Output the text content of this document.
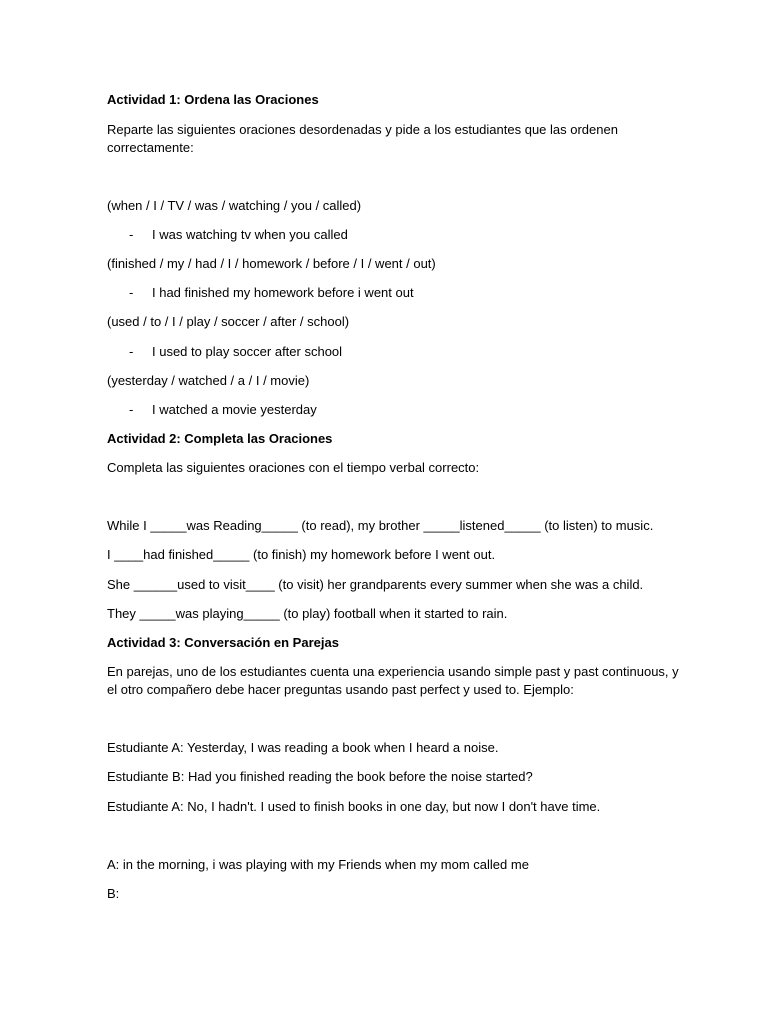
Actividad 1: Ordena las Oraciones
Reparte las siguientes oraciones desordenadas y pide a los estudiantes que las ordenen
correctamente:
(when / I / TV / was / watching / you / called)
- I was watching tv when you called
(finished / my / had / I / homework / before / I / went / out)
- I had finished my homework before i went out
(used / to / I / play / soccer / after / school)
- I used to play soccer after school
(yesterday / watched / a / I / movie)
- I watched a movie yesterday
Actividad 2: Completa las Oraciones
Completa las siguientes oraciones con el tiempo verbal correcto:
While I _____was Reading_____ (to read), my brother _____listened_____ (to listen) to music.
I ____had finished_____ (to finish) my homework before I went out.
She ______used to visit____ (to visit) her grandparents every summer when she was a child.
They _____was playing_____ (to play) football when it started to rain.
Actividad 3: Conversación en Parejas
En parejas, uno de los estudiantes cuenta una experiencia usando simple past y past continuous, y
el otro compañero debe hacer preguntas usando past perfect y used to. Ejemplo:
Estudiante A: Yesterday, I was reading a book when I heard a noise.
Estudiante B: Had you finished reading the book before the noise started?
Estudiante A: No, I hadn't. I used to finish books in one day, but now I don't have time.
A: in the morning, i was playing with my Friends when my mom called me
B:
